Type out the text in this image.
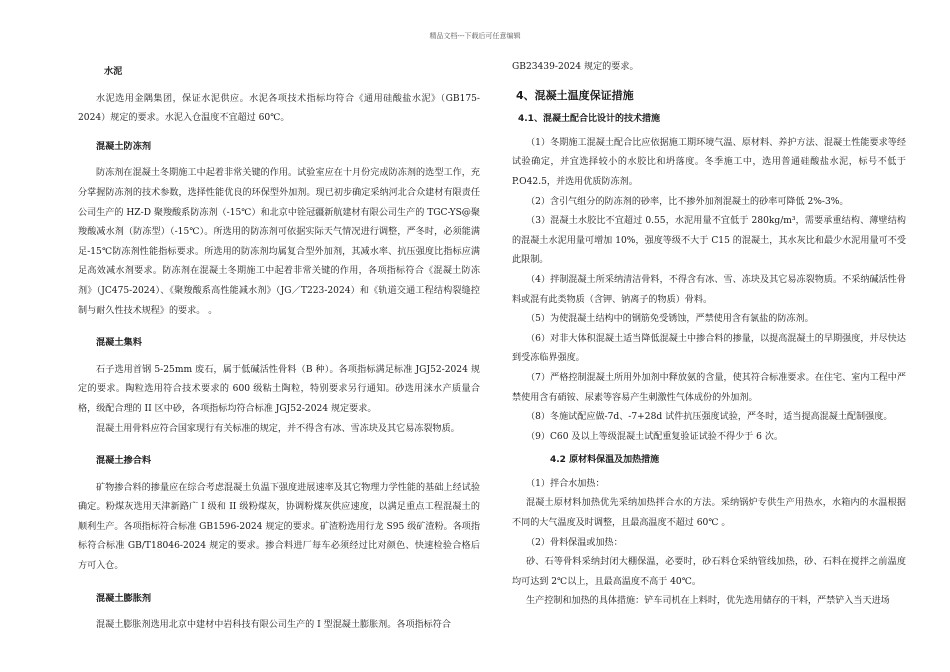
精品文档---下载后可任意编辑
水泥
水泥选用金隅集团，保证水泥供应。水泥各项技术指标均符合《通用硅酸盐水泥》（GB175-2024）规定的要求。水泥入仓温度不宜超过 60℃。
混凝土防冻剂
防冻剂在混凝土冬期施工中起着非常关键的作用。试验室应在十月份完成防冻剂的选型工作，充分掌握防冻剂的技术参数，选择性能优良的环保型外加剂。现已初步确定采纳河北合众建材有限责任公司生产的 HZ-D 聚羧酸系防冻剂（-15℃）和北京中铨冠疆新航建材有限公司生产的 TGC-YS@聚羧酸减水剂（防冻型）（-15℃）。所选用的防冻剂可依据实际天气情况进行调整，严冬时，必须能满足-15℃防冻剂性能指标要求。所选用的防冻剂均属复合型外加剂，其减水率、抗压强度比指标应满足高效减水剂要求。防冻剂在混凝土冬期施工中起着非常关键的作用，各项指标符合《混凝土防冻剂》（JC475-2024）、《聚羧酸系高性能减水剂》（JG／T223-2024）和《轨道交通工程结构裂缝控制与耐久性技术规程》的要求。 。
混凝土集料
石子选用首钢 5-25mm 废石，属于低碱活性骨料（B 种）。各项指标满足标准 JGJ52-2024 规定的要求。陶粒选用符合技术要求的 600 级粘土陶粒，特别要求另行通知。砂选用涞水产质量合格，级配合理的 II 区中砂，各项指标均符合标准 JGJ52-2024 规定要求。
混凝土用骨料应符合国家现行有关标准的规定，并不得含有冰、雪冻块及其它易冻裂物质。
混凝土掺合料
矿物掺合料的掺量应在综合考虑混凝土负温下强度进展速率及其它物理力学性能的基础上经试验确定。粉煤灰选用天津新路广Ｉ级和 II 级粉煤灰，协调粉煤灰供应速度，以满足重点工程混凝土的顺利生产。各项指标符合标准 GB1596-2024 规定的要求。矿渣粉选用行龙 S95 级矿渣粉。各项指标符合标准 GB/T18046-2024 规定的要求。掺合料进厂每车必须经过比对颜色、快速检验合格后方可入仓。
混凝土膨胀剂
混凝土膨胀剂选用北京中建材中岩科技有限公司生产的 I 型混凝土膨胀剂。各项指标符合
GB23439-2024 规定的要求。
4、混凝土温度保证措施
4.1、混凝土配合比设计的技术措施
（1）冬期施工混凝土配合比应依据施工期环境气温、原材料、养护方法、混凝土性能要求等经试验确定，并宜选择较小的水胶比和坍落度。冬季施工中，选用普通硅酸盐水泥，标号不低于 P.O42.5，并选用优质防冻剂。
（2）含引气组分的防冻剂的砂率，比不掺外加剂混凝土的砂率可降低 2%-3%。
（3）混凝土水胶比不宜超过 0.55，水泥用量不宜低于 280kg/m³，需要承重结构、薄壁结构的混凝土水泥用量可增加 10%，强度等级不大于 C15 的混凝土，其水灰比和最少水泥用量可不受此限制。
（4）拌制混凝土所采纳清洁骨料，不得含有冰、雪、冻块及其它易冻裂物质。不采纳碱活性骨料或混有此类物质（含钾、钠离子的物质）骨料。
（5）为使混凝土结构中的钢筋免受锈蚀，严禁使用含有氯盐的防冻剂。
（6）对非大体积混凝土适当降低混凝土中掺合料的掺量，以提高混凝土的早期强度，并尽快达到受冻临界强度。
（7）严格控制混凝土所用外加剂中释放氨的含量，使其符合标准要求。在住宅、室内工程中严禁使用含有硝铵、尿素等容易产生刺激性气体成份的外加剂。
（8）冬施试配应做-7d、-7+28d 试件抗压强度试验，严冬时，适当提高混凝土配制强度。
（9）C60 及以上等级混凝土试配重复验证试验不得少于 6 次。
4.2 原材料保温及加热措施
（1）拌合水加热：
混凝土原材料加热优先采纳加热拌合水的方法。采纳锅炉专供生产用热水，水箱内的水温根据不同的大气温度及时调整，且最高温度不超过 60℃ 。
（2）骨料保温或加热：
砂、石等骨料采纳封闭大棚保温，必要时，砂石料仓采纳管线加热，砂、石料在搅拌之前温度均可达到 2℃以上，且最高温度不高于 40℃。
生产控制和加热的具体措施：铲车司机在上料时，优先选用储存的干料，严禁铲入当天进场
